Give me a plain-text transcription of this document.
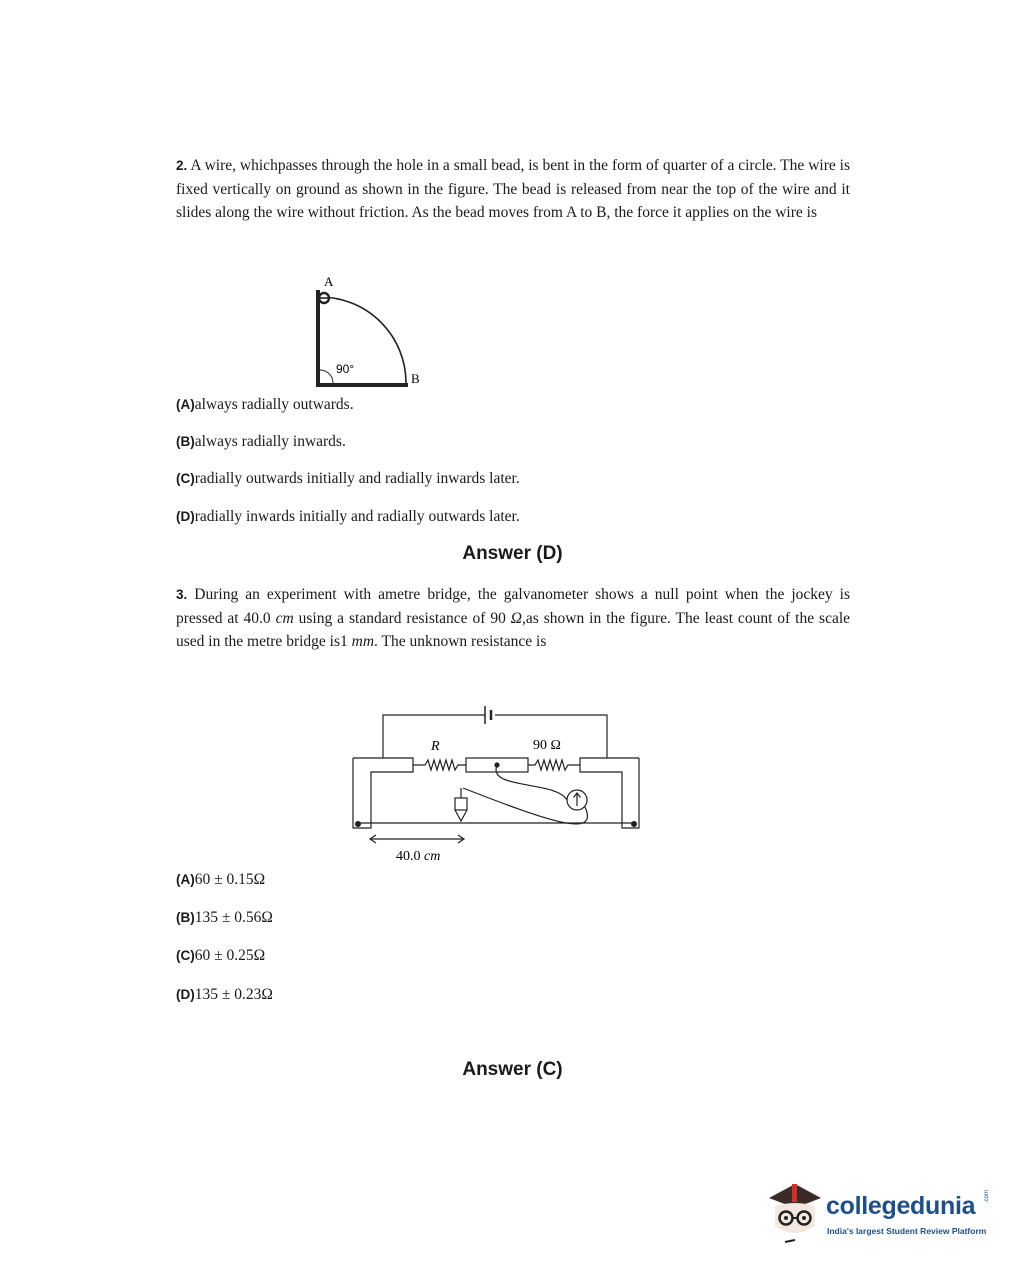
2. A wire, whichpasses through the hole in a small bead, is bent in the form of quarter of a circle. The wire is fixed vertically on ground as shown in the figure. The bead is released from near the top of the wire and it slides along the wire without friction. As the bead moves from A to B, the force it applies on the wire is

A
90°
B
(A)always radially outwards.
(B)always radially inwards.
(C)radially outwards initially and radially inwards later.
(D)radially inwards initially and radially outwards later.
Answer (D)

3. During an experiment with ametre bridge, the galvanometer shows a null point when the jockey is pressed at 40.0 cm using a standard resistance of 90 Ω,as shown in the figure. The least count of the scale used in the metre bridge is1 mm. The unknown resistance is

R	90 Ω
40.0 cm
(A)60 ± 0.15Ω
(B)135 ± 0.56Ω
(C)60 ± 0.25Ω
(D)135 ± 0.23Ω
Answer (C)
collegedunia .com
India's largest Student Review Platform
